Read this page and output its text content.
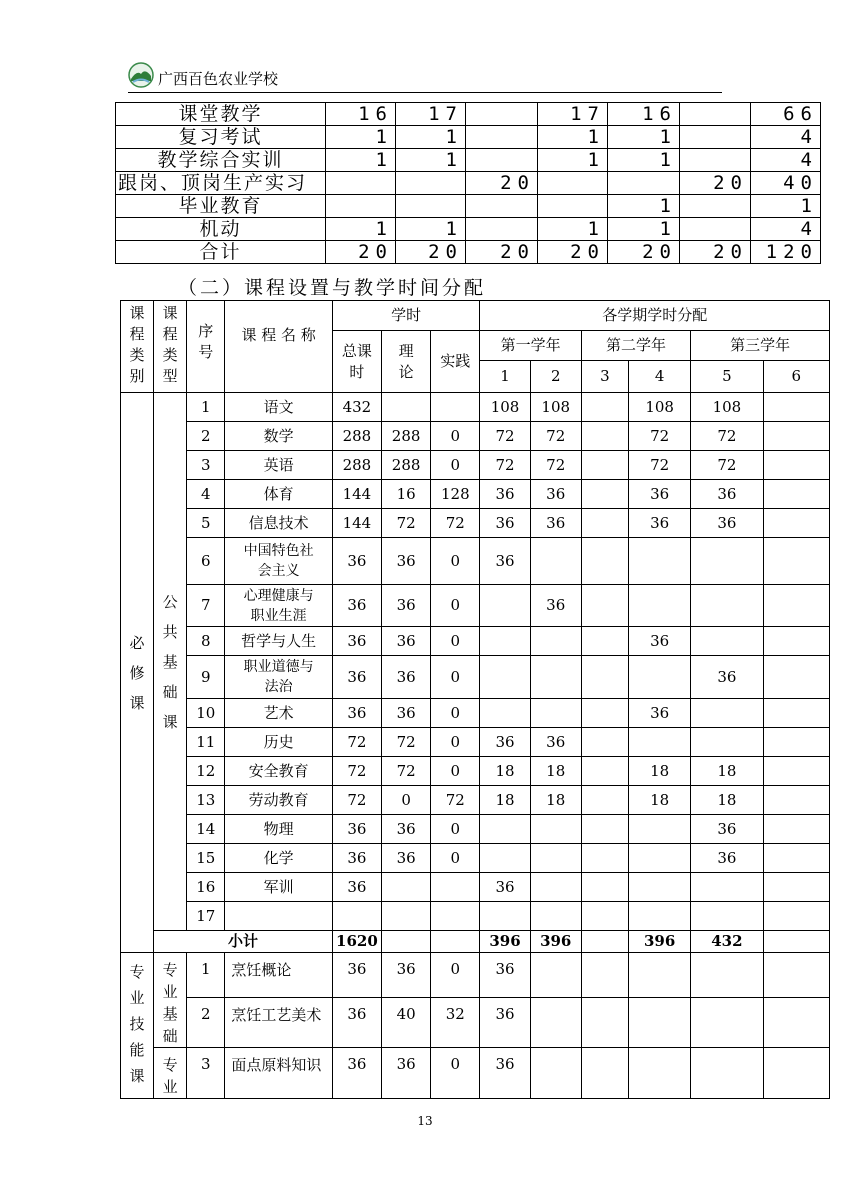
广西百色农业学校
课堂教学	16	17		17	16		66
复习考试	1	1		1	1		4
教学综合实训	1	1		1	1		4
跟岗、顶岗生产实习			20			20	40
毕业教育					1		1
机动	1	1		1	1		4
合计	20	20	20	20	20	20	120
（二）课程设置与教学时间分配
课程类别	课程类型	序号	课 程 名 称	学时			各学期学时分配					
				总课时	理论	实践	第一学年		第二学年		第三学年	
							1	2	3	4	5	6
必修课	公共基础课	1	语文	432			108	108		108	108	
		2	数学	288	288	0	72	72		72	72	
		3	英语	288	288	0	72	72		72	72	
		4	体育	144	16	128	36	36		36	36	
		5	信息技术	144	72	72	36	36		36	36	
		6	中国特色社会主义	36	36	0	36					
		7	心理健康与职业生涯	36	36	0		36				
		8	哲学与人生	36	36	0				36		
		9	职业道德与法治	36	36	0					36	
		10	艺术	36	36	0				36		
		11	历史	72	72	0	36	36				
		12	安全教育	72	72	0	18	18		18	18	
		13	劳动教育	72	0	72	18	18		18	18	
		14	物理	36	36	0					36	
		15	化学	36	36	0					36	
		16	军训	36			36					
		17										
	小计			1620			396	396		396	432	
专业技能课	专业基础	1	烹饪概论	36	36	0	36					
		2	烹饪工艺美术	36	40	32	36					
	专业	3	面点原料知识	36	36	0	36					
13
